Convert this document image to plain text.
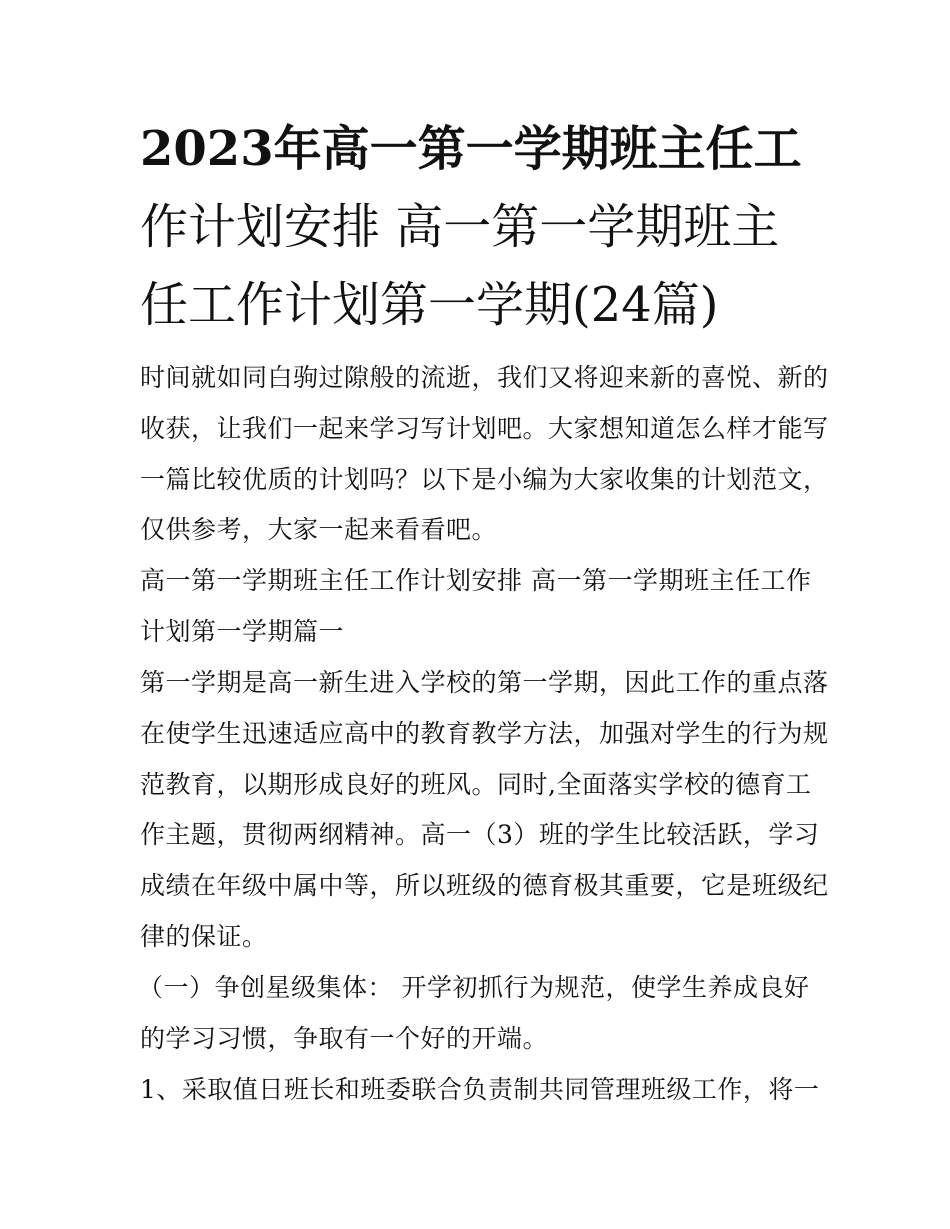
2023年高一第一学期班主任工
作计划安排 高一第一学期班主
任工作计划第一学期(24篇)
时间就如同白驹过隙般的流逝，我们又将迎来新的喜悦、新的
收获，让我们一起来学习写计划吧。大家想知道怎么样才能写
一篇比较优质的计划吗？以下是小编为大家收集的计划范文，
仅供参考，大家一起来看看吧。
高一第一学期班主任工作计划安排 高一第一学期班主任工作
计划第一学期篇一
第一学期是高一新生进入学校的第一学期，因此工作的重点落
在使学生迅速适应高中的教育教学方法，加强对学生的行为规
范教育，以期形成良好的班风。同时,全面落实学校的德育工
作主题，贯彻两纲精神。高一（3）班的学生比较活跃，学习
成绩在年级中属中等，所以班级的德育极其重要，它是班级纪
律的保证。
（一）争创星级集体： 开学初抓行为规范，使学生养成良好
的学习习惯，争取有一个好的开端。
1、采取值日班长和班委联合负责制共同管理班级工作，将一
